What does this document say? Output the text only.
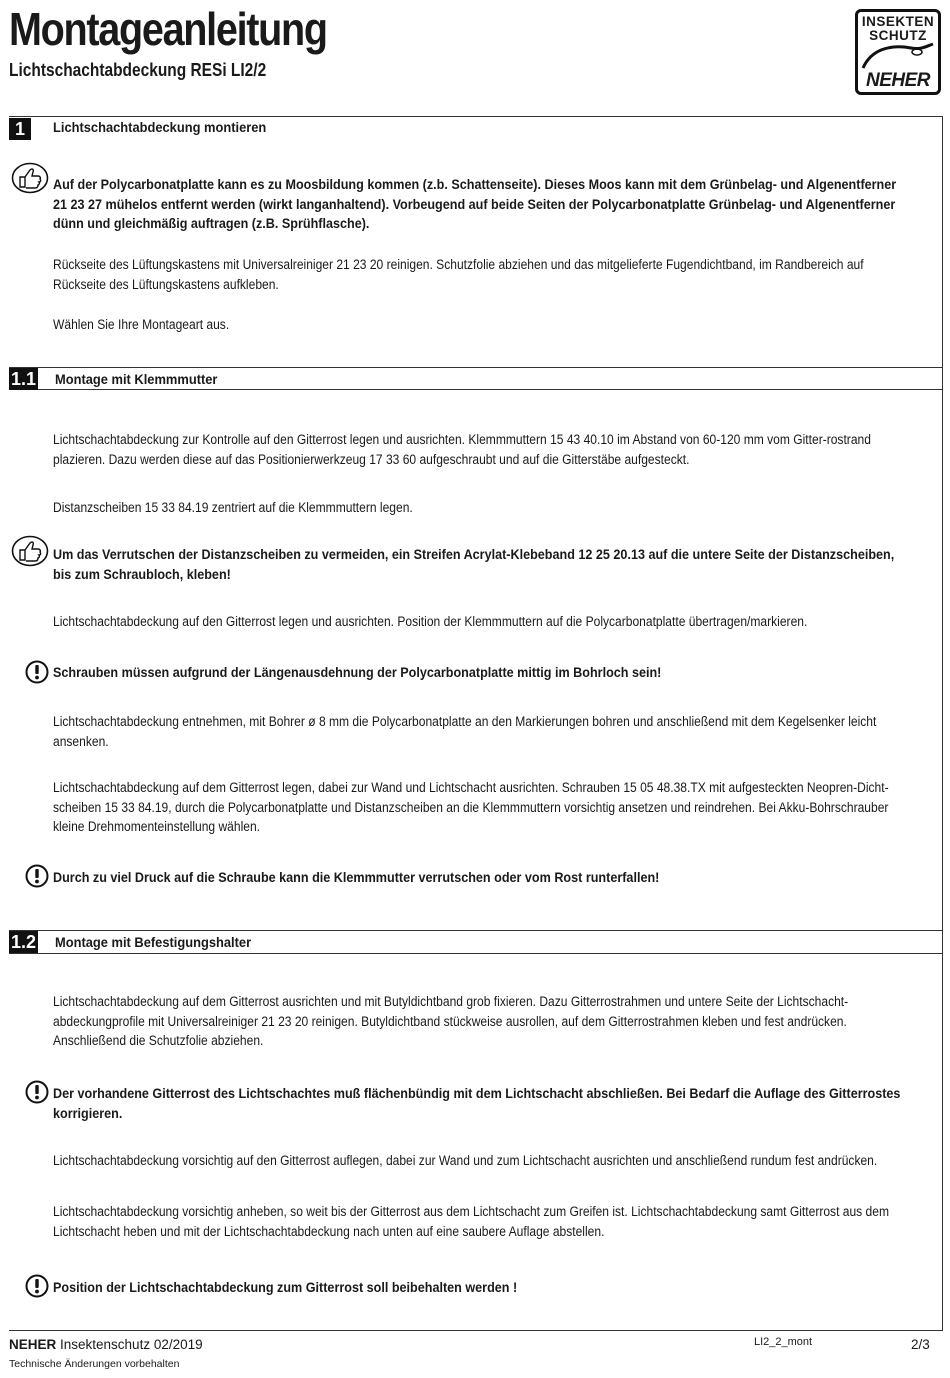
Montageanleitung
Lichtschachtabdeckung RESi LI2/2
INSEKTEN
SCHUTZ
NEHER
1	Lichtschachtabdeckung montieren
Auf der Polycarbonatplatte kann es zu Moosbildung kommen (z.b. Schattenseite). Dieses Moos kann mit dem Grünbelag- und Algenentferner 21 23 27 mühelos entfernt werden (wirkt langanhaltend). Vorbeugend auf beide Seiten der Polycarbonatplatte Grünbelag- und Algenentferner dünn und gleichmäßig auftragen (z.B. Sprühflasche).
Rückseite des Lüftungskastens mit Universalreiniger 21 23 20 reinigen. Schutzfolie abziehen und das mitgelieferte Fugendichtband, im Randbereich auf Rückseite des Lüftungskastens aufkleben.
Wählen Sie Ihre Montageart aus.
1.1 Montage mit Klemmmutter
Lichtschachtabdeckung zur Kontrolle auf den Gitterrost legen und ausrichten. Klemmmuttern 15 43 40.10 im Abstand von 60-120 mm vom Gitter-rostrand plazieren. Dazu werden diese auf das Positionierwerkzeug 17 33 60 aufgeschraubt und auf die Gitterstäbe aufgesteckt.
Distanzscheiben 15 33 84.19 zentriert auf die Klemmmuttern legen.
Um das Verrutschen der Distanzscheiben zu vermeiden, ein Streifen Acrylat-Klebeband 12 25 20.13 auf die untere Seite der Distanzscheiben, bis zum Schraubloch, kleben!
Lichtschachtabdeckung auf den Gitterrost legen und ausrichten. Position der Klemmmuttern auf die Polycarbonatplatte übertragen/markieren.
Schrauben müssen aufgrund der Längenausdehnung der Polycarbonatplatte mittig im Bohrloch sein!
Lichtschachtabdeckung entnehmen, mit Bohrer ø 8 mm die Polycarbonatplatte an den Markierungen bohren und anschließend mit dem Kegelsenker leicht ansenken.
Lichtschachtabdeckung auf dem Gitterrost legen, dabei zur Wand und Lichtschacht ausrichten. Schrauben 15 05 48.38.TX mit aufgesteckten Neopren-Dicht-scheiben 15 33 84.19, durch die Polycarbonatplatte und Distanzscheiben an die Klemmmuttern vorsichtig ansetzen und reindrehen. Bei Akku-Bohrschrauber kleine Drehmomenteinstellung wählen.
Durch zu viel Druck auf die Schraube kann die Klemmmutter verrutschen oder vom Rost runterfallen!
1.2 Montage mit Befestigungshalter
Lichtschachtabdeckung auf dem Gitterrost ausrichten und mit Butyldichtband grob fixieren. Dazu Gitterrostrahmen und untere Seite der Lichtschacht-abdeckungprofile mit Universalreiniger 21 23 20 reinigen. Butyldichtband stückweise ausrollen, auf dem Gitterrostrahmen kleben und fest andrücken. Anschließend die Schutzfolie abziehen.
Der vorhandene Gitterrost des Lichtschachtes muß flächenbündig mit dem Lichtschacht abschließen. Bei Bedarf die Auflage des Gitterrostes korrigieren.
Lichtschachtabdeckung vorsichtig auf den Gitterrost auflegen, dabei zur Wand und zum Lichtschacht ausrichten und anschließend rundum fest andrücken.
Lichtschachtabdeckung vorsichtig anheben, so weit bis der Gitterrost aus dem Lichtschacht zum Greifen ist. Lichtschachtabdeckung samt Gitterrost aus dem Lichtschacht heben und mit der Lichtschachtabdeckung nach unten auf eine saubere Auflage abstellen.
Position der Lichtschachtabdeckung zum Gitterrost soll beibehalten werden !
NEHER Insektenschutz 02/2019
Technische Änderungen vorbehalten
LI2_2_mont	2/3
